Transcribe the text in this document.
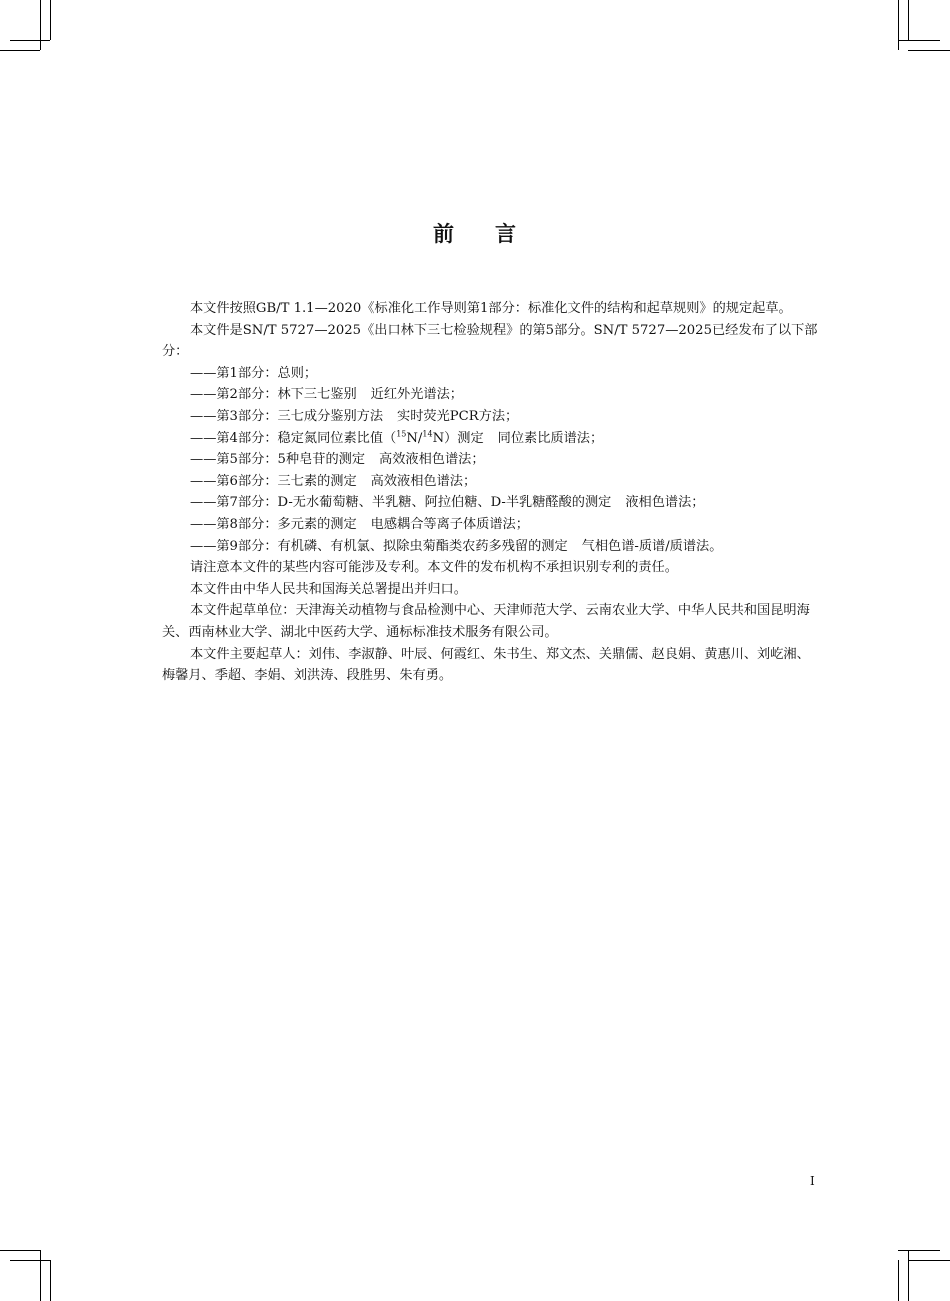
前 言

本文件按照GB/T 1.1—2020《标准化工作导则第1部分：标准化文件的结构和起草规则》的规定起草。

本文件是SN/T 5727—2025《出口林下三七检验规程》的第5部分。SN/T 5727—2025已经发布了以下部分：

——第1部分：总则；

——第2部分：林下三七鉴别 近红外光谱法；

——第3部分：三七成分鉴别方法 实时荧光PCR方法；

——第4部分：稳定氮同位素比值（$^{15}$N/$^{14}$N）测定 同位素比质谱法；

——第5部分：5种皂苷的测定 高效液相色谱法；

——第6部分：三七素的测定 高效液相色谱法；

——第7部分：D-无水葡萄糖、半乳糖、阿拉伯糖、D-半乳糖醛酸的测定 液相色谱法；

——第8部分：多元素的测定 电感耦合等离子体质谱法；

——第9部分：有机磷、有机氯、拟除虫菊酯类农药多残留的测定 气相色谱-质谱/质谱法。

请注意本文件的某些内容可能涉及专利。本文件的发布机构不承担识别专利的责任。

本文件由中华人民共和国海关总署提出并归口。

本文件起草单位：天津海关动植物与食品检测中心、天津师范大学、云南农业大学、中华人民共和国昆明海关、西南林业大学、湖北中医药大学、通标标准技术服务有限公司。

本文件主要起草人：刘伟、李淑静、叶辰、何霞红、朱书生、郑文杰、关鼎儒、赵良娟、黄惠川、刘屹湘、梅馨月、季超、李娟、刘洪涛、段胜男、朱有勇。

I
